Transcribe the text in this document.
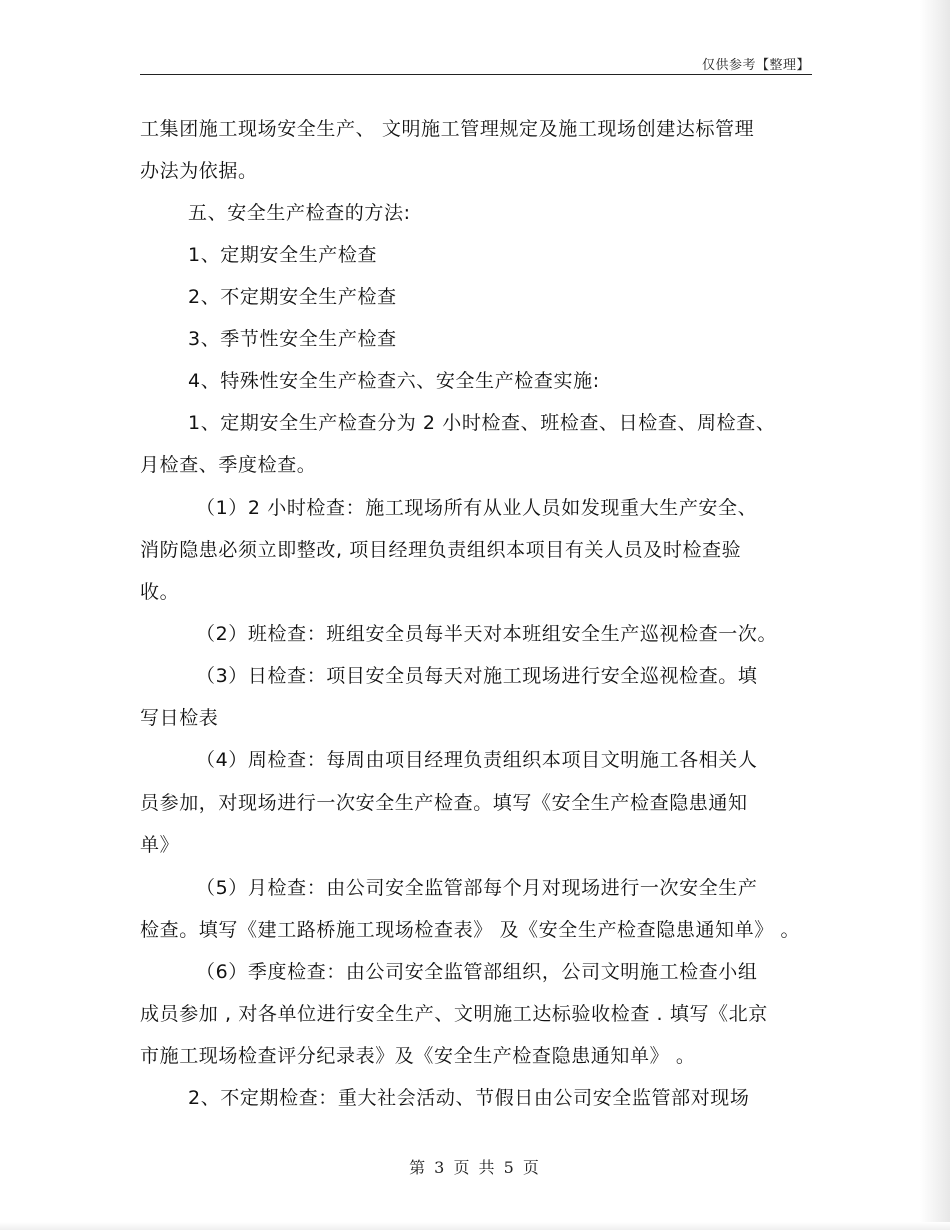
仅供参考【整理】
工集团施工现场安全生产、 文明施工管理规定及施工现场创建达标管理
办法为依据。
五、安全生产检查的方法:
1、定期安全生产检查
2、不定期安全生产检查
3、季节性安全生产检查
4、特殊性安全生产检查六、安全生产检查实施:
1、定期安全生产检查分为 2 小时检查、班检查、日检查、周检查、
月检查、季度检查。
（1）2 小时检查：施工现场所有从业人员如发现重大生产安全、
消防隐患必须立即整改, 项目经理负责组织本项目有关人员及时检查验
收。
（2）班检查：班组安全员每半天对本班组安全生产巡视检查一次。
（3）日检查：项目安全员每天对施工现场进行安全巡视检查。填
写日检表
（4）周检查：每周由项目经理负责组织本项目文明施工各相关人
员参加，对现场进行一次安全生产检查。填写《安全生产检查隐患通知
单》
（5）月检查：由公司安全监管部每个月对现场进行一次安全生产
检查。填写《建工路桥施工现场检查表》 及《安全生产检查隐患通知单》 。
（6）季度检查：由公司安全监管部组织，公司文明施工检查小组
成员参加 , 对各单位进行安全生产、文明施工达标验收检查 . 填写《北京
市施工现场检查评分纪录表》及《安全生产检查隐患通知单》 。
2、不定期检查：重大社会活动、节假日由公司安全监管部对现场
第 3 页 共 5 页
